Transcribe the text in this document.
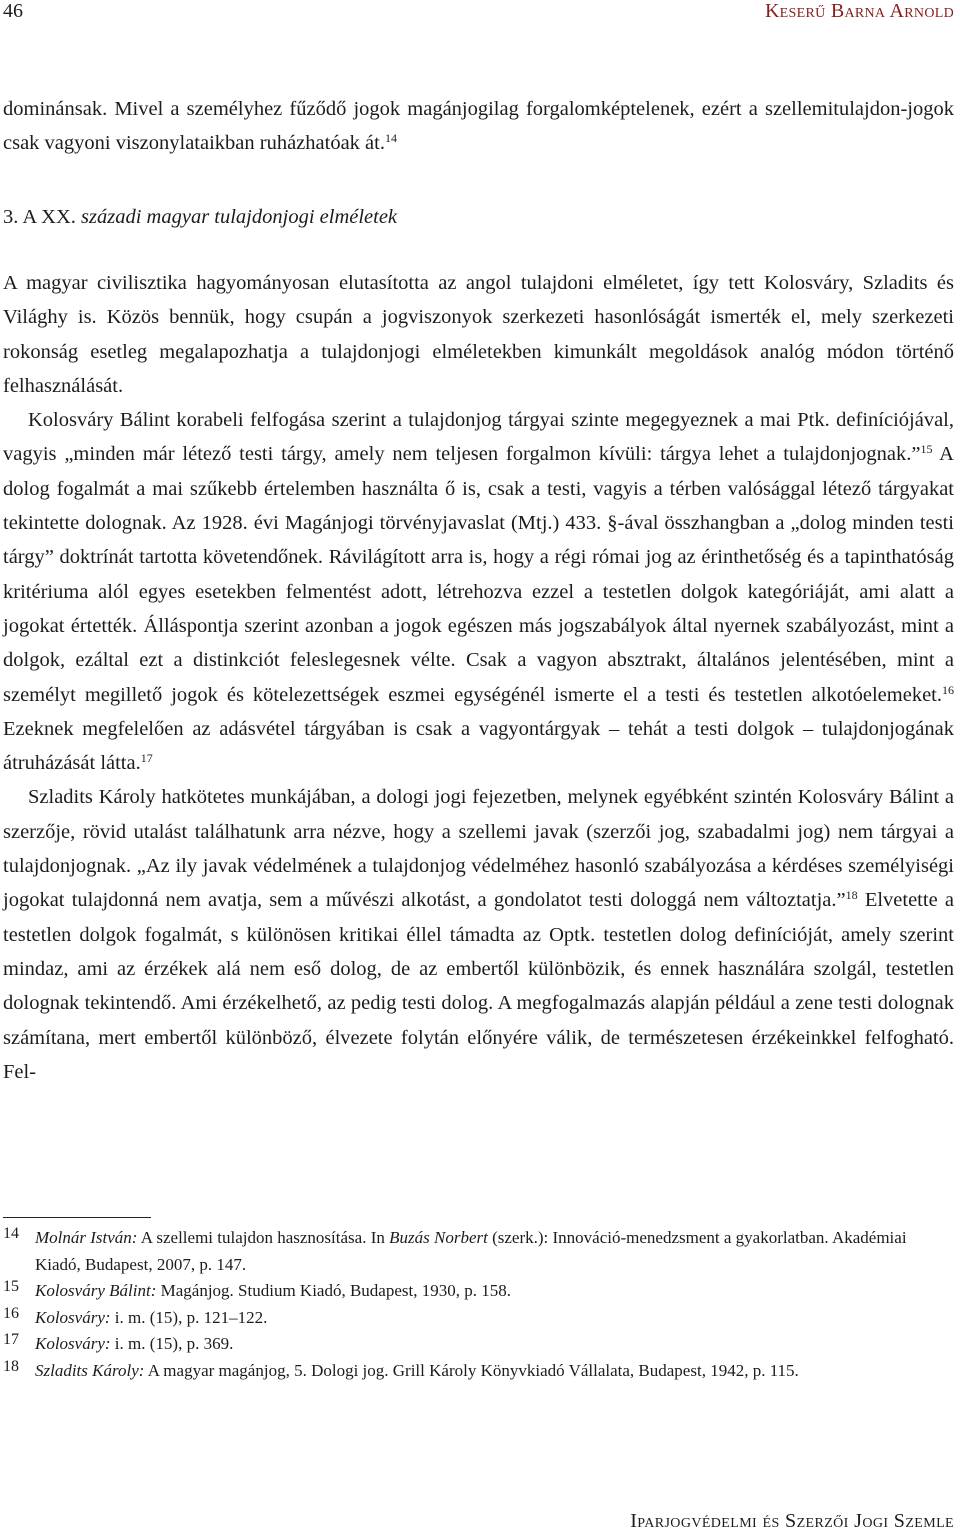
46	Keserű Barna Arnold

dominánsak. Mivel a személyhez fűződő jogok magánjogilag forgalomképtelenek, ezért a szellemitulajdon-jogok csak vagyoni viszonylataikban ruházhatóak át.$^{14}$

3. A XX. századi magyar tulajdonjogi elméletek

A magyar civilisztika hagyományosan elutasította az angol tulajdoni elméletet, így tett Kolosváry, Szladits és Világhy is. Közös bennük, hogy csupán a jogviszonyok szerkezeti hasonlóságát ismerték el, mely szerkezeti rokonság esetleg megalapozhatja a tulajdonjogi elméletekben kimunkált megoldások analóg módon történő felhasználását.

Kolosváry Bálint korabeli felfogása szerint a tulajdonjog tárgyai szinte megegyeznek a mai Ptk. definíciójával, vagyis „minden már létező testi tárgy, amely nem teljesen forgalmon kívüli: tárgya lehet a tulajdonjognak.”$^{15}$ A dolog fogalmát a mai szűkebb értelemben használta ő is, csak a testi, vagyis a térben valósággal létező tárgyakat tekintette dolognak. Az 1928. évi Magánjogi törvényjavaslat (Mtj.) 433. §-ával összhangban a „dolog minden testi tárgy” doktrínát tartotta követendőnek. Rávilágított arra is, hogy a régi római jog az érinthetőség és a tapinthatóság kritériuma alól egyes esetekben felmentést adott, létrehozva ezzel a testetlen dolgok kategóriáját, ami alatt a jogokat értették. Álláspontja szerint azonban a jogok egészen más jogszabályok által nyernek szabályozást, mint a dolgok, ezáltal ezt a distinkciót feleslegesnek vélte. Csak a vagyon absztrakt, általános jelentésében, mint a személyt megillető jogok és kötelezettségek eszmei egységénél ismerte el a testi és testetlen alkotóelemeket.$^{16}$ Ezeknek megfelelően az adásvétel tárgyában is csak a vagyontárgyak – tehát a testi dolgok – tulajdonjogának átruházását látta.$^{17}$

Szladits Károly hatkötetes munkájában, a dologi jogi fejezetben, melynek egyébként szintén Kolosváry Bálint a szerzője, rövid utalást találhatunk arra nézve, hogy a szellemi javak (szerzői jog, szabadalmi jog) nem tárgyai a tulajdonjognak. „Az ily javak védelmének a tulajdonjog védelméhez hasonló szabályozása a kérdéses személyiségi jogokat tulajdonná nem avatja, sem a művészi alkotást, a gondolatot testi dologgá nem változtatja.”$^{18}$ Elvetette a testetlen dolgok fogalmát, s különösen kritikai éllel támadta az Optk. testetlen dolog definícióját, amely szerint mindaz, ami az érzékek alá nem eső dolog, de az embertől különbözik, és ennek használára szolgál, testetlen dolognak tekintendő. Ami érzékelhető, az pedig testi dolog. A megfogalmazás alapján például a zene testi dolognak számítana, mert embertől különböző, élvezete folytán előnyére válik, de természetesen érzékeinkkel felfogható. Fel-

14 Molnár István: A szellemi tulajdon hasznosítása. In Buzás Norbert (szerk.): Innováció-menedzsment a gyakorlatban. Akadémiai Kiadó, Budapest, 2007, p. 147.
15 Kolosváry Bálint: Magánjog. Studium Kiadó, Budapest, 1930, p. 158.
16 Kolosváry: i. m. (15), p. 121–122.
17 Kolosváry: i. m. (15), p. 369.
18 Szladits Károly: A magyar magánjog, 5. Dologi jog. Grill Károly Könyvkiadó Vállalata, Budapest, 1942, p. 115.
Iparjogvédelmi és Szerzői Jogi Szemle
